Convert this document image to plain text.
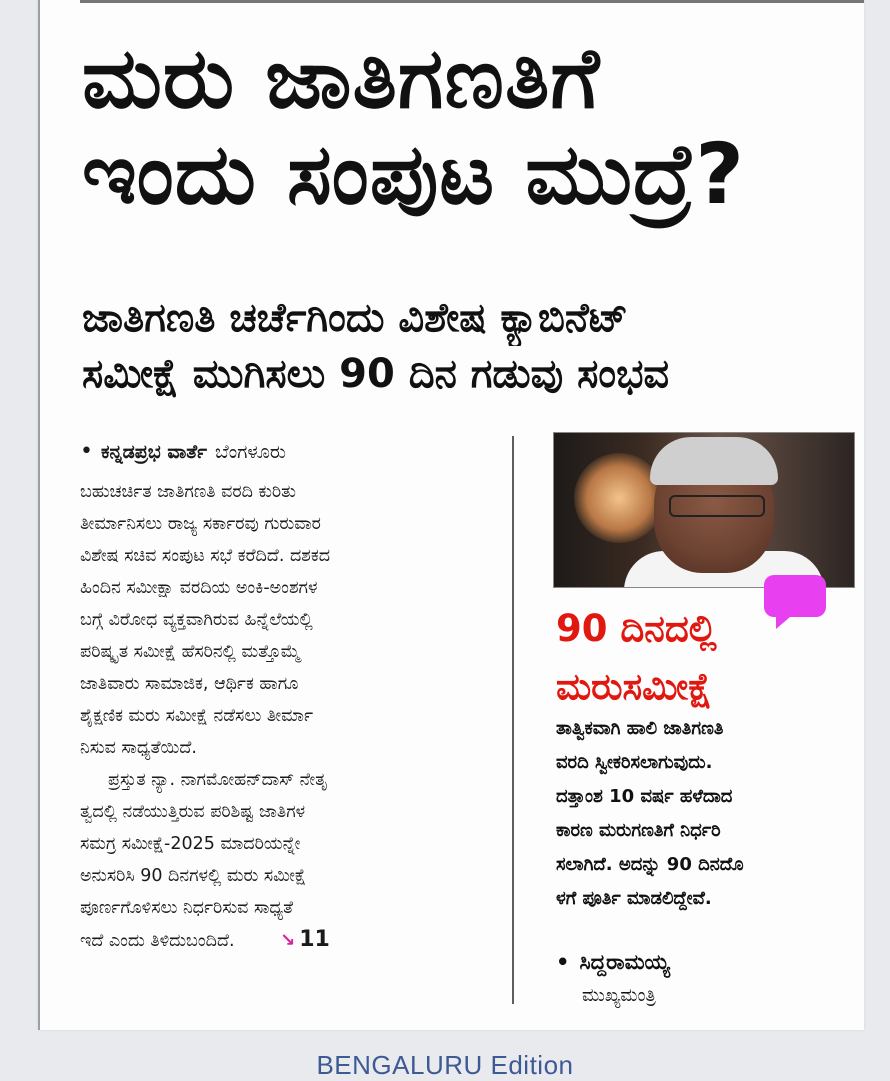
ಮರು ಜಾತಿಗಣತಿಗೆ
ಇಂದು ಸಂಪುಟ ಮುದ್ರೆ?
ಜಾತಿಗಣತಿ ಚರ್ಚೆಗಿಂದು ವಿಶೇಷ ಕ್ಯಾಬಿನೆಟ್
ಸಮೀಕ್ಷೆ ಮುಗಿಸಲು 90 ದಿನ ಗಡುವು ಸಂಭವ
• ಕನ್ನಡಪ್ರಭ ವಾರ್ತೆ ಬೆಂಗಳೂರು
ಬಹುಚರ್ಚಿತ ಜಾತಿಗಣತಿ ವರದಿ ಕುರಿತು
ತೀರ್ಮಾನಿಸಲು ರಾಜ್ಯ ಸರ್ಕಾರವು ಗುರುವಾರ
ವಿಶೇಷ ಸಚಿವ ಸಂಪುಟ ಸಭೆ ಕರೆದಿದೆ. ದಶಕದ
ಹಿಂದಿನ ಸಮೀಕ್ಷಾ ವರದಿಯ ಅಂಕಿ-ಅಂಶಗಳ
ಬಗ್ಗೆ ವಿರೋಧ ವ್ಯಕ್ತವಾಗಿರುವ ಹಿನ್ನೆಲೆಯಲ್ಲಿ
ಪರಿಷ್ಕೃತ ಸಮೀಕ್ಷೆ ಹೆಸರಿನಲ್ಲಿ ಮತ್ತೊಮ್ಮೆ
ಜಾತಿವಾರು ಸಾಮಾಜಿಕ, ಆರ್ಥಿಕ ಹಾಗೂ
ಶೈಕ್ಷಣಿಕ ಮರು ಸಮೀಕ್ಷೆ ನಡೆಸಲು ತೀರ್ಮಾ
ನಿಸುವ ಸಾಧ್ಯತೆಯಿದೆ.
ಪ್ರಸ್ತುತ ನ್ಯಾ. ನಾಗಮೋಹನ್‌ದಾಸ್ ನೇತೃ
ತ್ವದಲ್ಲಿ ನಡೆಯುತ್ತಿರುವ ಪರಿಶಿಷ್ಟ ಜಾತಿಗಳ
ಸಮಗ್ರ ಸಮೀಕ್ಷೆ-2025 ಮಾದರಿಯನ್ನೇ
ಅನುಸರಿಸಿ 90 ದಿನಗಳಲ್ಲಿ ಮರು ಸಮೀಕ್ಷೆ
ಪೂರ್ಣಗೊಳಿಸಲು ನಿರ್ಧರಿಸುವ ಸಾಧ್ಯತೆ
ಇದೆ ಎಂದು ತಿಳಿದುಬಂದಿದೆ.	↘ 11
90 ದಿನದಲ್ಲಿ
ಮರುಸಮೀಕ್ಷೆ
ತಾತ್ವಿಕವಾಗಿ ಹಾಲಿ ಜಾತಿಗಣತಿ
ವರದಿ ಸ್ವೀಕರಿಸಲಾಗುವುದು.
ದತ್ತಾಂಶ 10 ವರ್ಷ ಹಳೆದಾದ
ಕಾರಣ ಮರುಗಣತಿಗೆ ನಿರ್ಧರಿ
ಸಲಾಗಿದೆ. ಅದನ್ನು 90 ದಿನದೊ
ಳಗೆ ಪೂರ್ತಿ ಮಾಡಲಿದ್ದೇವೆ.
• ಸಿದ್ದರಾಮಯ್ಯ
ಮುಖ್ಯಮಂತ್ರಿ
BENGALURU Edition
